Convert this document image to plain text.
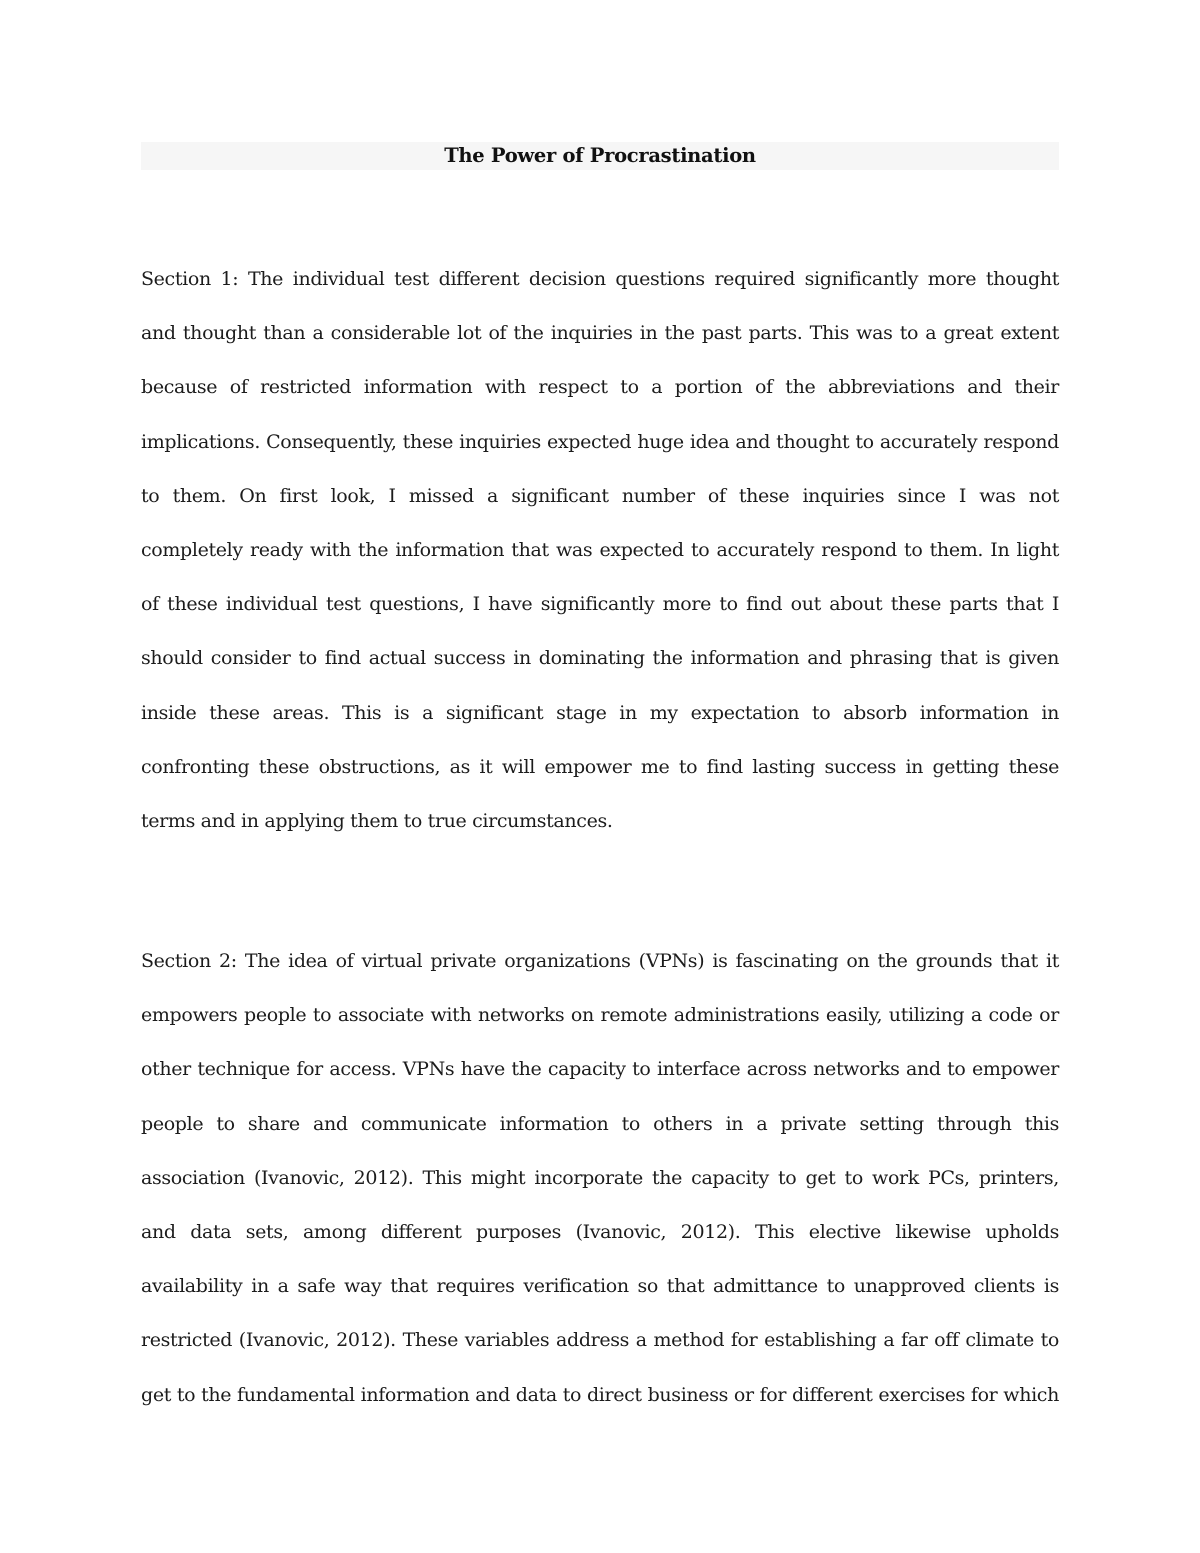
The Power of Procrastination
Section 1: The individual test different decision questions required significantly more thought
and thought than a considerable lot of the inquiries in the past parts. This was to a great extent
because of restricted information with respect to a portion of the abbreviations and their
implications. Consequently, these inquiries expected huge idea and thought to accurately respond
to them. On first look, I missed a significant number of these inquiries since I was not
completely ready with the information that was expected to accurately respond to them. In light
of these individual test questions, I have significantly more to find out about these parts that I
should consider to find actual success in dominating the information and phrasing that is given
inside these areas. This is a significant stage in my expectation to absorb information in
confronting these obstructions, as it will empower me to find lasting success in getting these
terms and in applying them to true circumstances.
Section 2: The idea of virtual private organizations (VPNs) is fascinating on the grounds that it
empowers people to associate with networks on remote administrations easily, utilizing a code or
other technique for access. VPNs have the capacity to interface across networks and to empower
people to share and communicate information to others in a private setting through this
association (Ivanovic, 2012). This might incorporate the capacity to get to work PCs, printers,
and data sets, among different purposes (Ivanovic, 2012). This elective likewise upholds
availability in a safe way that requires verification so that admittance to unapproved clients is
restricted (Ivanovic, 2012). These variables address a method for establishing a far off climate to
get to the fundamental information and data to direct business or for different exercises for which
